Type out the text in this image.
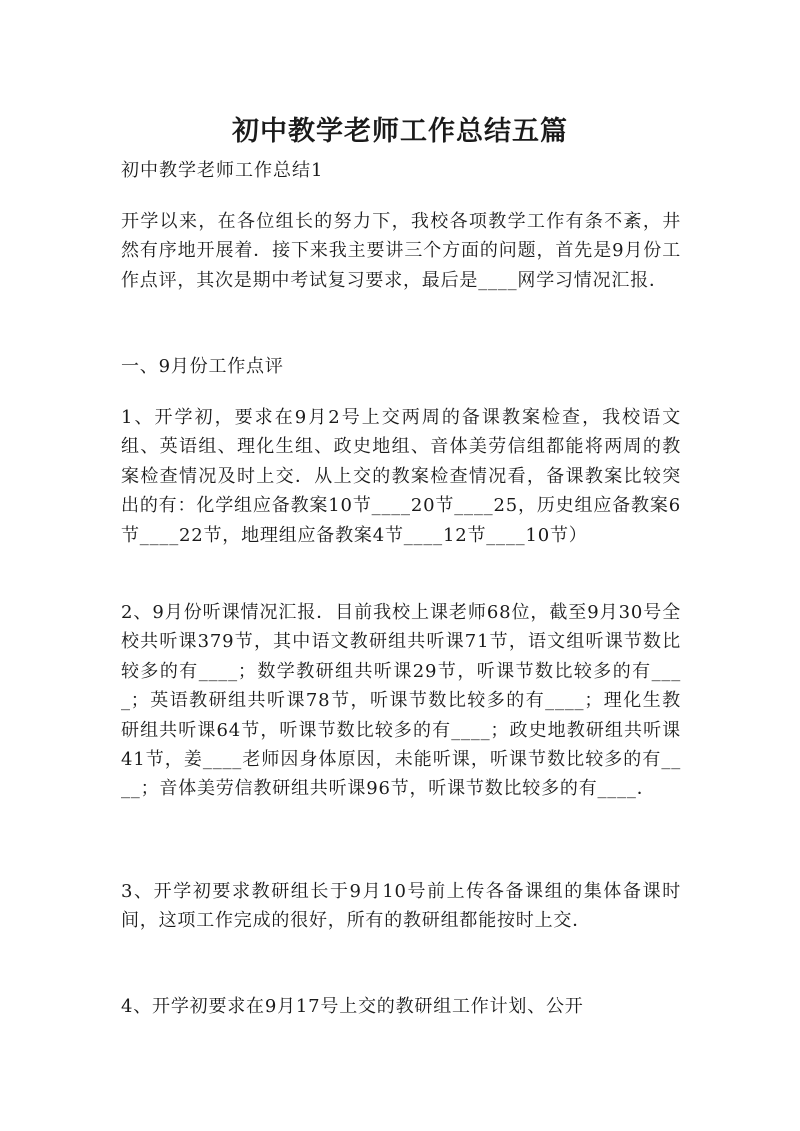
初中教学老师工作总结五篇

初中教学老师工作总结1

开学以来，在各位组长的努力下，我校各项教学工作有条不紊，井然有序地开展着．接下来我主要讲三个方面的问题，首先是9月份工作点评，其次是期中考试复习要求，最后是____网学习情况汇报．

一、9月份工作点评

1、开学初，要求在9月2号上交两周的备课教案检查，我校语文组、英语组、理化生组、政史地组、音体美劳信组都能将两周的教案检查情况及时上交．从上交的教案检查情况看，备课教案比较突出的有：化学组应备教案10节____20节____25，历史组应备教案6节____22节，地理组应备教案4节____12节____10节）

2、9月份听课情况汇报．目前我校上课老师68位，截至9月30号全校共听课379节，其中语文教研组共听课71节，语文组听课节数比较多的有____；数学教研组共听课29节，听课节数比较多的有____；英语教研组共听课78节，听课节数比较多的有____；理化生教研组共听课64节，听课节数比较多的有____；政史地教研组共听课41节，姜____老师因身体原因，未能听课，听课节数比较多的有____；音体美劳信教研组共听课96节，听课节数比较多的有____．

3、开学初要求教研组长于9月10号前上传各备课组的集体备课时间，这项工作完成的很好，所有的教研组都能按时上交．

4、开学初要求在9月17号上交的教研组工作计划、公开
